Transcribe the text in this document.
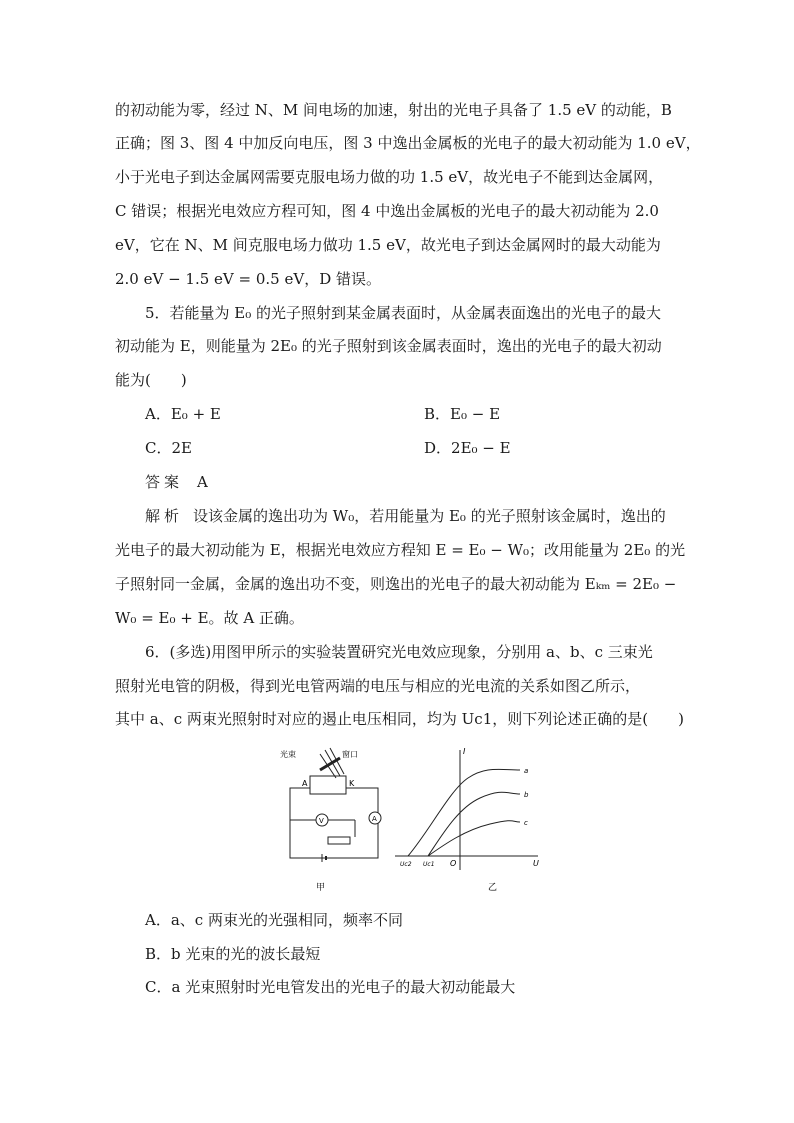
的初动能为零，经过 N、M 间电场的加速，射出的光电子具备了 1.5 eV 的动能，B
正确；图 3、图 4 中加反向电压，图 3 中逸出金属板的光电子的最大初动能为 1.0 eV，
小于光电子到达金属网需要克服电场力做的功 1.5 eV，故光电子不能到达金属网，
C 错误；根据光电效应方程可知，图 4 中逸出金属板的光电子的最大初动能为 2.0
eV，它在 N、M 间克服电场力做功 1.5 eV，故光电子到达金属网时的最大动能为
2.0 eV − 1.5 eV = 0.5 eV，D 错误。
5．若能量为 E₀ 的光子照射到某金属表面时，从金属表面逸出的光电子的最大
初动能为 E，则能量为 2E₀ 的光子照射到该金属表面时，逸出的光电子的最大初动
能为(　　)
A．E₀ + E	B．E₀ − E
C．2E	D．2E₀ − E
答案 A
解析 设该金属的逸出功为 W₀，若用能量为 E₀ 的光子照射该金属时，逸出的
光电子的最大初动能为 E，根据光电效应方程知 E = E₀ − W₀；改用能量为 2E₀ 的光
子照射同一金属，金属的逸出功不变，则逸出的光电子的最大初动能为 Eₖₘ = 2E₀ −
W₀ = E₀ + E。故 A 正确。
6．(多选)用图甲所示的实验装置研究光电效应现象，分别用 a、b、c 三束光
照射光电管的阴极，得到光电管两端的电压与相应的光电流的关系如图乙所示，
其中 a、c 两束光照射时对应的遏止电压相同，均为 Uc1，则下列论述正确的是(　　)
光束	窗口
A	K
V	A
甲
I
U
O
Uc2 Uc1
a
b
c
乙
A．a、c 两束光的光强相同，频率不同
B．b 光束的光的波长最短
C．a 光束照射时光电管发出的光电子的最大初动能最大
